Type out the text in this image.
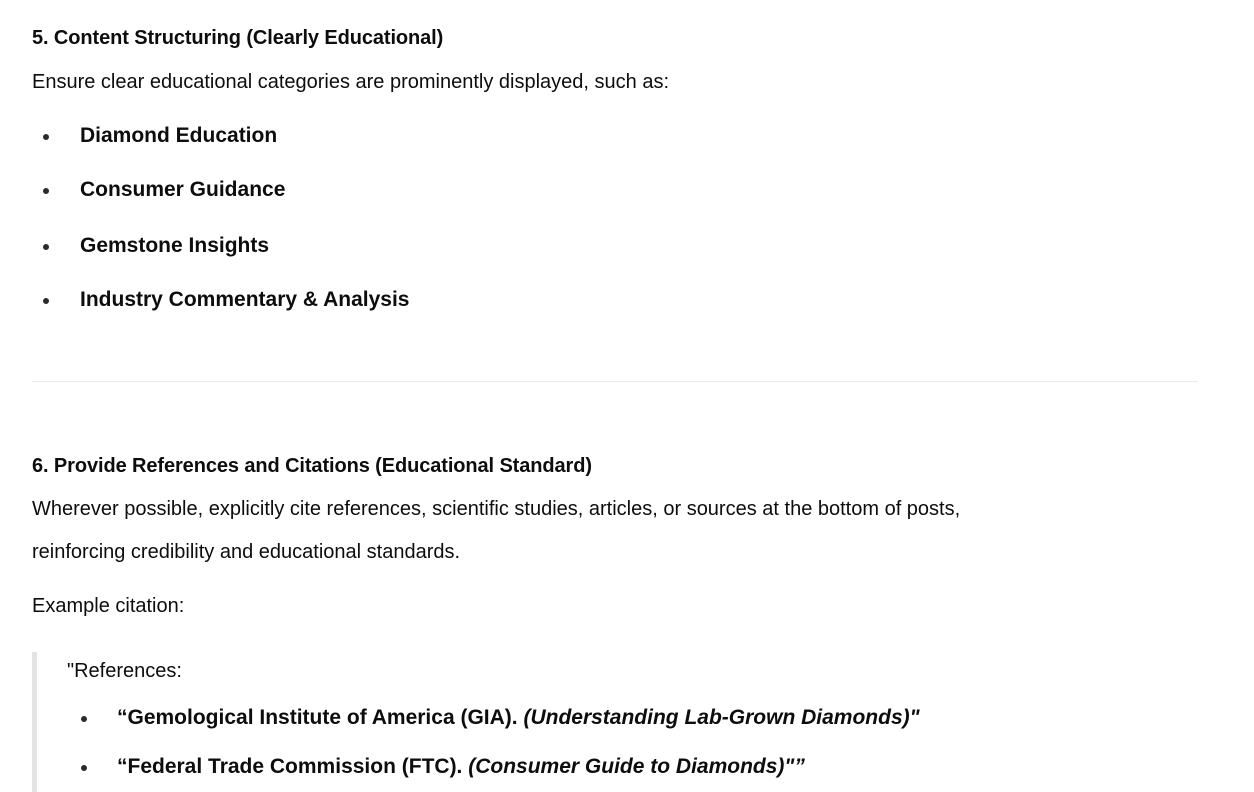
5. Content Structuring (Clearly Educational)
Ensure clear educational categories are prominently displayed, such as:
Diamond Education
Consumer Guidance
Gemstone Insights
Industry Commentary & Analysis
6. Provide References and Citations (Educational Standard)
Wherever possible, explicitly cite references, scientific studies, articles, or sources at the bottom of posts,
reinforcing credibility and educational standards.
Example citation:
"References:
“Gemological Institute of America (GIA). (Understanding Lab-Grown Diamonds)"
“Federal Trade Commission (FTC). (Consumer Guide to Diamonds)"”
